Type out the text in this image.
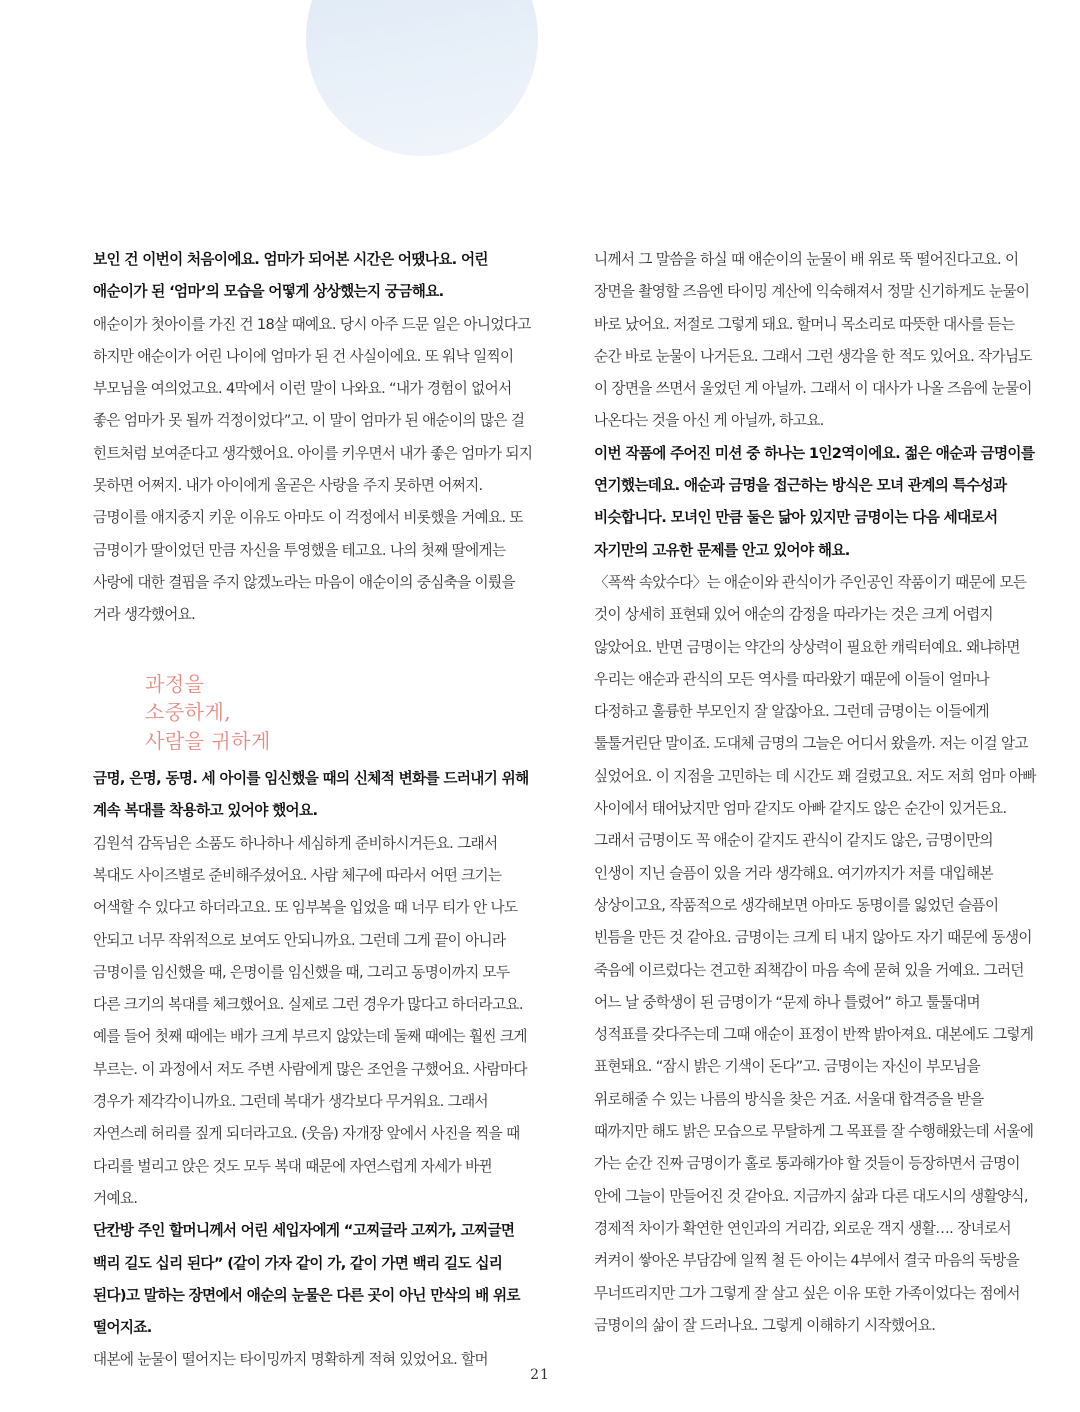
보인 건 이번이 처음이에요. 엄마가 되어본 시간은 어땠나요. 어린 애순이가 된 ‘엄마’의 모습을 어떻게 상상했는지 궁금해요.

애순이가 첫아이를 가진 건 18살 때예요. 당시 아주 드문 일은 아니었다고 하지만 애순이가 어린 나이에 엄마가 된 건 사실이에요. 또 워낙 일찍이 부모님을 여의었고요. 4막에서 이런 말이 나와요. “내가 경험이 없어서 좋은 엄마가 못 될까 걱정이었다”고. 이 말이 엄마가 된 애순이의 많은 걸 힌트처럼 보여준다고 생각했어요. 아이를 키우면서 내가 좋은 엄마가 되지 못하면 어쩌지. 내가 아이에게 올곧은 사랑을 주지 못하면 어쩌지. 금명이를 애지중지 키운 이유도 아마도 이 걱정에서 비롯했을 거예요. 또 금명이가 딸이었던 만큼 자신을 투영했을 테고요. 나의 첫째 딸에게는 사랑에 대한 결핍을 주지 않겠노라는 마음이 애순이의 중심축을 이뤘을 거라 생각했어요.

과정을
소중하게,
사람을 귀하게

금명, 은명, 동명. 세 아이를 임신했을 때의 신체적 변화를 드러내기 위해 계속 복대를 착용하고 있어야 했어요.

김원석 감독님은 소품도 하나하나 세심하게 준비하시거든요. 그래서 복대도 사이즈별로 준비해주셨어요. 사람 체구에 따라서 어떤 크기는 어색할 수 있다고 하더라고요. 또 임부복을 입었을 때 너무 티가 안 나도 안되고 너무 작위적으로 보여도 안되니까요. 그런데 그게 끝이 아니라 금명이를 임신했을 때, 은명이를 임신했을 때, 그리고 동명이까지 모두 다른 크기의 복대를 체크했어요. 실제로 그런 경우가 많다고 하더라고요. 예를 들어 첫째 때에는 배가 크게 부르지 않았는데 둘째 때에는 훨씬 크게 부르는. 이 과정에서 저도 주변 사람에게 많은 조언을 구했어요. 사람마다 경우가 제각각이니까요. 그런데 복대가 생각보다 무거워요. 그래서 자연스레 허리를 짚게 되더라고요. (웃음) 자개장 앞에서 사진을 찍을 때 다리를 벌리고 앉은 것도 모두 복대 때문에 자연스럽게 자세가 바뀐 거예요.

단칸방 주인 할머니께서 어린 세입자에게 “고찌글라 고찌가, 고찌글면 백리 길도 십리 된다” (같이 가자 같이 가, 같이 가면 백리 길도 십리 된다)고 말하는 장면에서 애순의 눈물은 다른 곳이 아닌 만삭의 배 위로 떨어지죠.

대본에 눈물이 떨어지는 타이밍까지 명확하게 적혀 있었어요. 할머

니께서 그 말씀을 하실 때 애순이의 눈물이 배 위로 뚝 떨어진다고요. 이 장면을 촬영할 즈음엔 타이밍 계산에 익숙해져서 정말 신기하게도 눈물이 바로 났어요. 저절로 그렇게 돼요. 할머니 목소리로 따뜻한 대사를 듣는 순간 바로 눈물이 나거든요. 그래서 그런 생각을 한 적도 있어요. 작가님도 이 장면을 쓰면서 울었던 게 아닐까. 그래서 이 대사가 나올 즈음에 눈물이 나온다는 것을 아신 게 아닐까, 하고요.

이번 작품에 주어진 미션 중 하나는 1인2역이에요. 젊은 애순과 금명이를 연기했는데요. 애순과 금명을 접근하는 방식은 모녀 관계의 특수성과 비슷합니다. 모녀인 만큼 둘은 닮아 있지만 금명이는 다음 세대로서 자기만의 고유한 문제를 안고 있어야 해요.

〈폭싹 속았수다〉는 애순이와 관식이가 주인공인 작품이기 때문에 모든 것이 상세히 표현돼 있어 애순의 감정을 따라가는 것은 크게 어렵지 않았어요. 반면 금명이는 약간의 상상력이 필요한 캐릭터예요. 왜냐하면 우리는 애순과 관식의 모든 역사를 따라왔기 때문에 이들이 얼마나 다정하고 훌륭한 부모인지 잘 알잖아요. 그런데 금명이는 이들에게 툴툴거린단 말이죠. 도대체 금명의 그늘은 어디서 왔을까. 저는 이걸 알고 싶었어요. 이 지점을 고민하는 데 시간도 꽤 걸렸고요. 저도 저희 엄마 아빠 사이에서 태어났지만 엄마 같지도 아빠 같지도 않은 순간이 있거든요. 그래서 금명이도 꼭 애순이 같지도 관식이 같지도 않은, 금명이만의 인생이 지닌 슬픔이 있을 거라 생각해요. 여기까지가 저를 대입해본 상상이고요, 작품적으로 생각해보면 아마도 동명이를 잃었던 슬픔이 빈틈을 만든 것 같아요. 금명이는 크게 티 내지 않아도 자기 때문에 동생이 죽음에 이르렀다는 견고한 죄책감이 마음 속에 묻혀 있을 거예요. 그러던 어느 날 중학생이 된 금명이가 “문제 하나 틀렸어” 하고 툴툴대며 성적표를 갖다주는데 그때 애순이 표정이 반짝 밝아져요. 대본에도 그렇게 표현돼요. “잠시 밝은 기색이 돈다”고. 금명이는 자신이 부모님을 위로해줄 수 있는 나름의 방식을 찾은 거죠. 서울대 합격증을 받을 때까지만 해도 밝은 모습으로 무탈하게 그 목표를 잘 수행해왔는데 서울에 가는 순간 진짜 금명이가 홀로 통과해가야 할 것들이 등장하면서 금명이 안에 그늘이 만들어진 것 같아요. 지금까지 삶과 다른 대도시의 생활양식, 경제적 차이가 확연한 연인과의 거리감, 외로운 객지 생활…. 장녀로서 켜켜이 쌓아온 부담감에 일찍 철 든 아이는 4부에서 결국 마음의 둑방을 무너뜨리지만 그가 그렇게 잘 살고 싶은 이유 또한 가족이었다는 점에서 금명이의 삶이 잘 드러나요. 그렇게 이해하기 시작했어요.

21
